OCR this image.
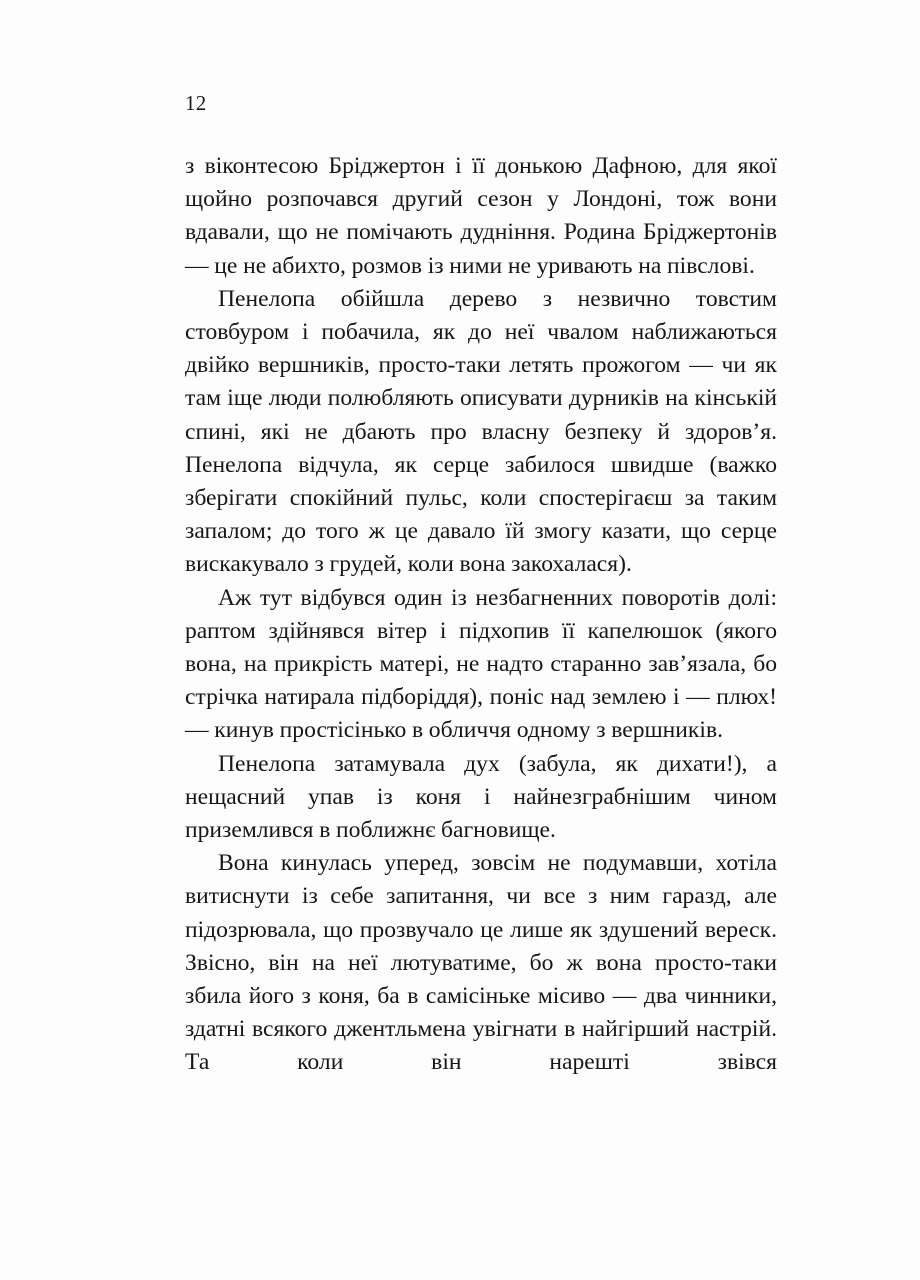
12

з віконтесою Бріджертон і її донькою Дафною, для якої щойно розпочався другий сезон у Лондоні, тож вони вдавали, що не помічають дудніння. Родина Бріджертонів — це не абихто, розмов із ними не уривають на півслові.

Пенелопа обійшла дерево з незвично товстим стовбуром і побачила, як до неї чвалом наближаються двійко вершників, просто-таки летять прожогом — чи як там іще люди полюбляють описувати дурників на кінській спині, які не дбають про власну безпеку й здоров’я. Пенелопа відчула, як серце забилося швидше (важко зберігати спокійний пульс, коли спостерігаєш за таким запалом; до того ж це давало їй змогу казати, що серце вискакувало з грудей, коли вона закохалася).

Аж тут відбувся один із незбагненних поворотів долі: раптом здійнявся вітер і підхопив її капелюшок (якого вона, на прикрість матері, не надто старанно зав’язала, бо стрічка натирала підборіддя), поніс над землею і — плюх! — кинув простісінько в обличчя одному з вершників.

Пенелопа затамувала дух (забула, як дихати!), а нещасний упав із коня і найнезграбнішим чином приземлився в поближнє багновище.

Вона кинулась уперед, зовсім не подумавши, хотіла витиснути із себе запитання, чи все з ним гаразд, але підозрювала, що прозвучало це лише як здушений вереск. Звісно, він на неї лютуватиме, бо ж вона просто-таки збила його з коня, ба в самісіньке місиво — два чинники, здатні всякого джентльмена увігнати в найгірший настрій. Та коли він нарешті звівся
